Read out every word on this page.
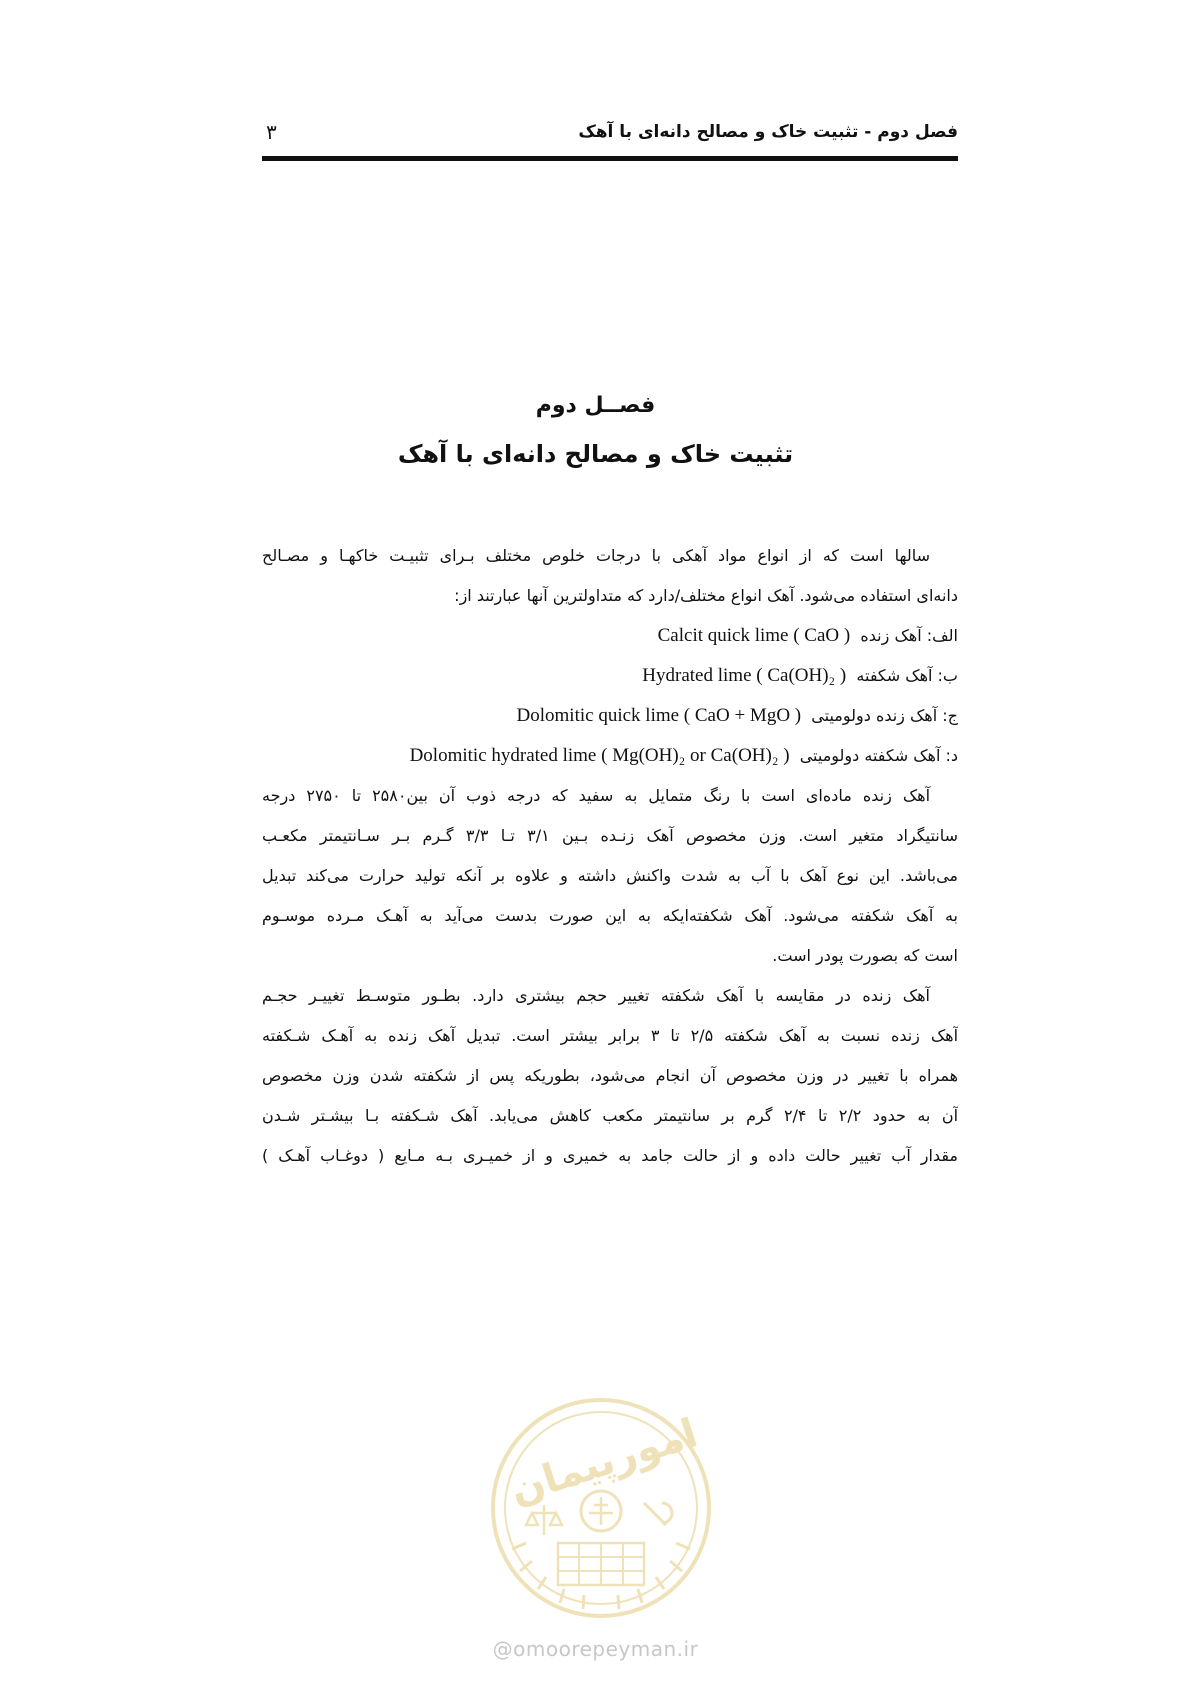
فصل دوم - تثبیت خاک و مصالح دانه‌ای با آهک
۳
فصــل دوم
تثبیت خاک و مصالح دانه‌ای با آهک
سالها است که از انواع مواد آهکی با درجات خلوص مختلف بـرای تثبیـت خاکهـا و مصـالح
دانه‌ای استفاده می‌شود. آهک انواع مختلف/دارد که متداولترین آنها عبارتند از:
الف: آهک زنده  Calcit quick lime ( CaO )
ب: آهک شکفته  Hydrated lime ( Ca(OH)₂ )
ج: آهک زنده دولومیتی  Dolomitic quick lime ( CaO + MgO )
د: آهک شکفته دولومیتی  Dolomitic hydrated lime ( Mg(OH)₂ or Ca(OH)₂ )
آهک زنده ماده‌ای است با رنگ متمایل به سفید که درجه ذوب آن بین۲۵۸۰ تا ۲۷۵۰ درجه
سانتیگراد متغیر است. وزن مخصوص آهک زنـده بـین ۳/۱ تـا ۳/۳ گـرم بـر سـانتیمتر مکعـب
می‌باشد. این نوع آهک با آب به شدت واکنش داشته و علاوه بر آنکه تولید حرارت می‌کند تبدیل
به آهک شکفته می‌شود. آهک شکفته‌ایکه به این صورت بدست می‌آید به آهـک مـرده موسـوم
است که بصورت پودر است.
آهک زنده در مقایسه با آهک شکفته تغییر حجم بیشتری دارد. بطـور متوسـط تغییـر حجـم
آهک زنده نسبت به آهک شکفته ۲/۵ تا ۳ برابر بیشتر است. تبدیل آهک زنده به آهـک شـکفته
همراه با تغییر در وزن مخصوص آن انجام می‌شود، بطوریکه پس از شکفته شدن وزن مخصوص
آن به حدود ۲/۲ تا ۲/۴ گرم بر سانتیمتر مکعب کاهش می‌یابد. آهک شـکفته بـا بیشـتر شـدن
مقدار آب تغییر حالت داده و از حالت جامد به خمیری و از خمیـری بـه مـایع ( دوغـاب آهـک )
امورپیمان
@omoorepeyman.ir
